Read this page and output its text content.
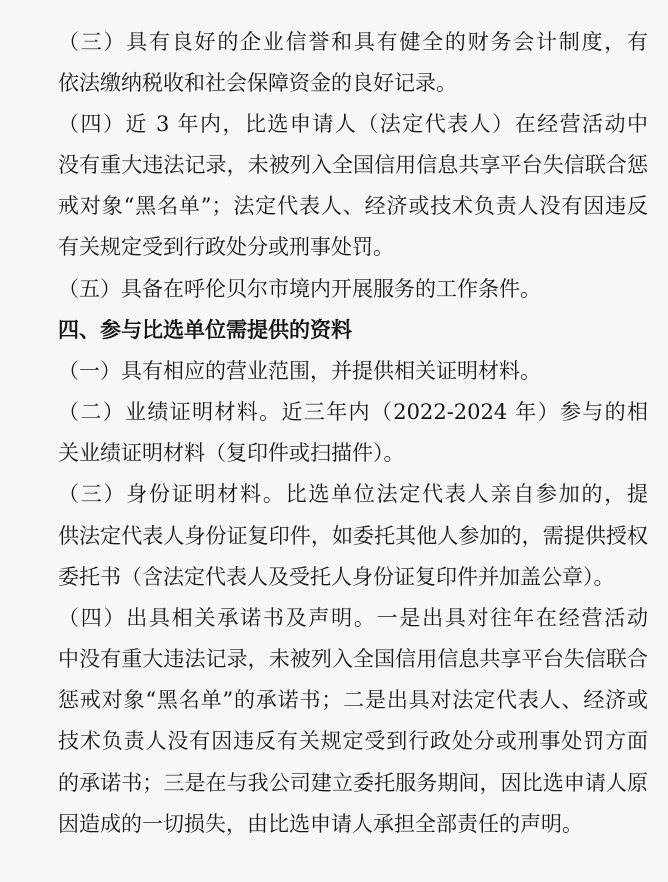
（三）具有良好的企业信誉和具有健全的财务会计制度，有
依法缴纳税收和社会保障资金的良好记录。
（四）近 3 年内，比选申请人（法定代表人）在经营活动中
没有重大违法记录，未被列入全国信用信息共享平台失信联合惩
戒对象“黑名单”；法定代表人、经济或技术负责人没有因违反
有关规定受到行政处分或刑事处罚。
（五）具备在呼伦贝尔市境内开展服务的工作条件。
四、参与比选单位需提供的资料
（一）具有相应的营业范围，并提供相关证明材料。
（二）业绩证明材料。近三年内（2022-2024 年）参与的相
关业绩证明材料（复印件或扫描件）。
（三）身份证明材料。比选单位法定代表人亲自参加的，提
供法定代表人身份证复印件，如委托其他人参加的，需提供授权
委托书（含法定代表人及受托人身份证复印件并加盖公章）。
（四）出具相关承诺书及声明。一是出具对往年在经营活动
中没有重大违法记录，未被列入全国信用信息共享平台失信联合
惩戒对象“黑名单”的承诺书；二是出具对法定代表人、经济或
技术负责人没有因违反有关规定受到行政处分或刑事处罚方面
的承诺书；三是在与我公司建立委托服务期间，因比选申请人原
因造成的一切损失，由比选申请人承担全部责任的声明。
